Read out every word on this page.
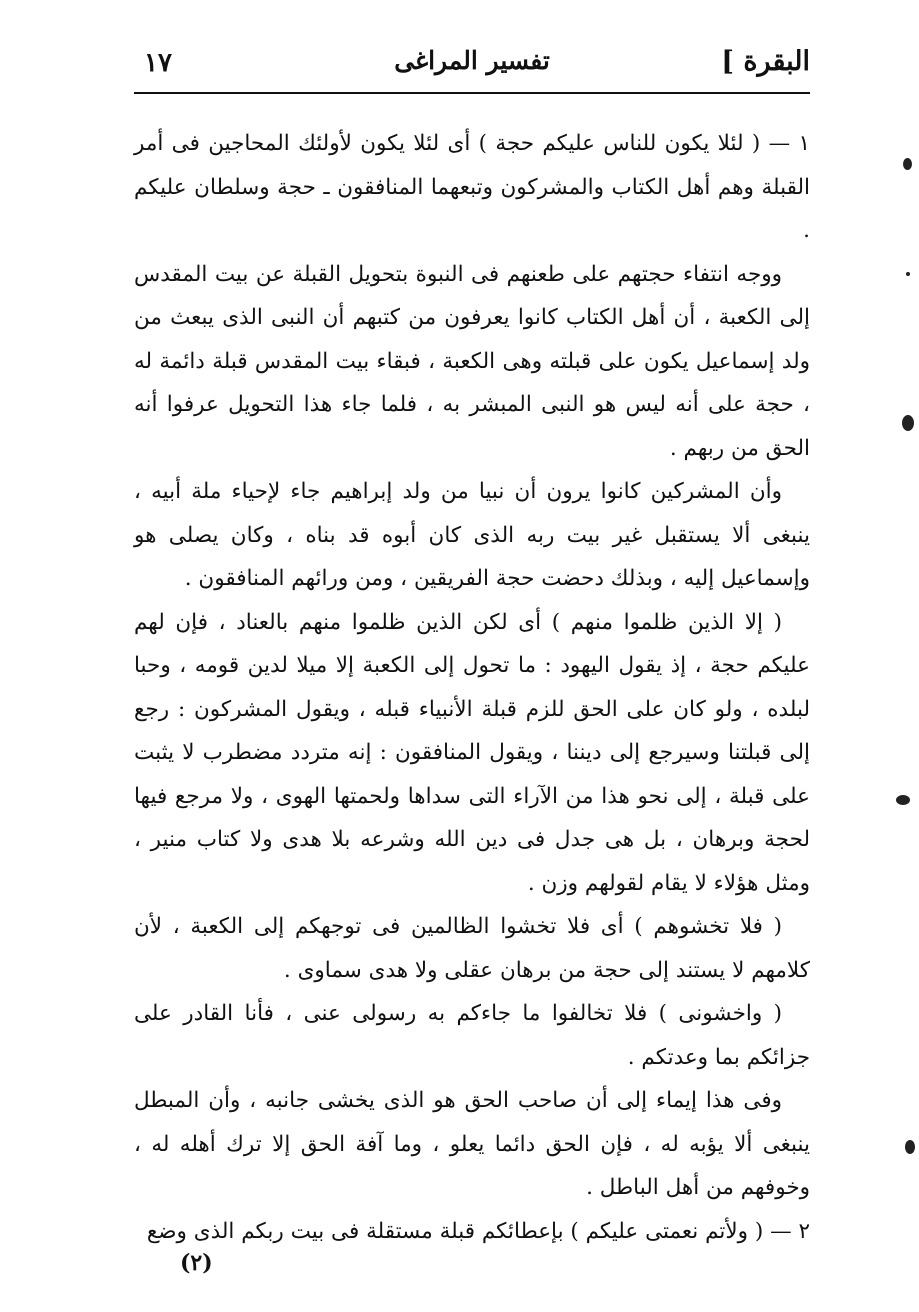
البقرة ]
تفسير المراغى
١٧

١ — ( لئلا يكون للناس عليكم حجة ) أى لئلا يكون لأولئك المحاجين فى أمر القبلة وهم أهل الكتاب والمشركون وتبعهما المنافقون ـ حجة وسلطان عليكم .

ووجه انتفاء حجتهم على طعنهم فى النبوة بتحويل القبلة عن بيت المقدس إلى الكعبة ، أن أهل الكتاب كانوا يعرفون من كتبهم أن النبى الذى يبعث من ولد إسماعيل يكون على قبلته وهى الكعبة ، فبقاء بيت المقدس قبلة دائمة له ، حجة على أنه ليس هو النبى المبشر به ، فلما جاء هذا التحويل عرفوا أنه الحق من ربهم .

وأن المشركين كانوا يرون أن نبيا من ولد إبراهيم جاء لإحياء ملة أبيه ، ينبغى ألا يستقبل غير بيت ربه الذى كان أبوه قد بناه ، وكان يصلى هو وإسماعيل إليه ، وبذلك دحضت حجة الفريقين ، ومن ورائهم المنافقون .

( إلا الذين ظلموا منهم ) أى لكن الذين ظلموا منهم بالعناد ، فإن لهم عليكم حجة ، إذ يقول اليهود : ما تحول إلى الكعبة إلا ميلا لدين قومه ، وحبا لبلده ، ولو كان على الحق للزم قبلة الأنبياء قبله ، ويقول المشركون : رجع إلى قبلتنا وسيرجع إلى ديننا ، ويقول المنافقون : إنه متردد مضطرب لا يثبت على قبلة ، إلى نحو هذا من الآراء التى سداها ولحمتها الهوى ، ولا مرجع فيها لحجة وبرهان ، بل هى جدل فى دين الله وشرعه بلا هدى ولا كتاب منير ، ومثل هؤلاء لا يقام لقولهم وزن .

( فلا تخشوهم ) أى فلا تخشوا الظالمين فى توجهكم إلى الكعبة ، لأن كلامهم لا يستند إلى حجة من برهان عقلى ولا هدى سماوى .

( واخشونى ) فلا تخالفوا ما جاءكم به رسولى عنى ، فأنا القادر على جزائكم بما وعدتكم .

وفى هذا إيماء إلى أن صاحب الحق هو الذى يخشى جانبه ، وأن المبطل ينبغى ألا يؤبه له ، فإن الحق دائما يعلو ، وما آفة الحق إلا ترك أهله له ، وخوفهم من أهل الباطل .

٢ — ( ولأتم نعمتى عليكم ) بإعطائكم قبلة مستقلة فى بيت ربكم الذى وضع

(٢)
